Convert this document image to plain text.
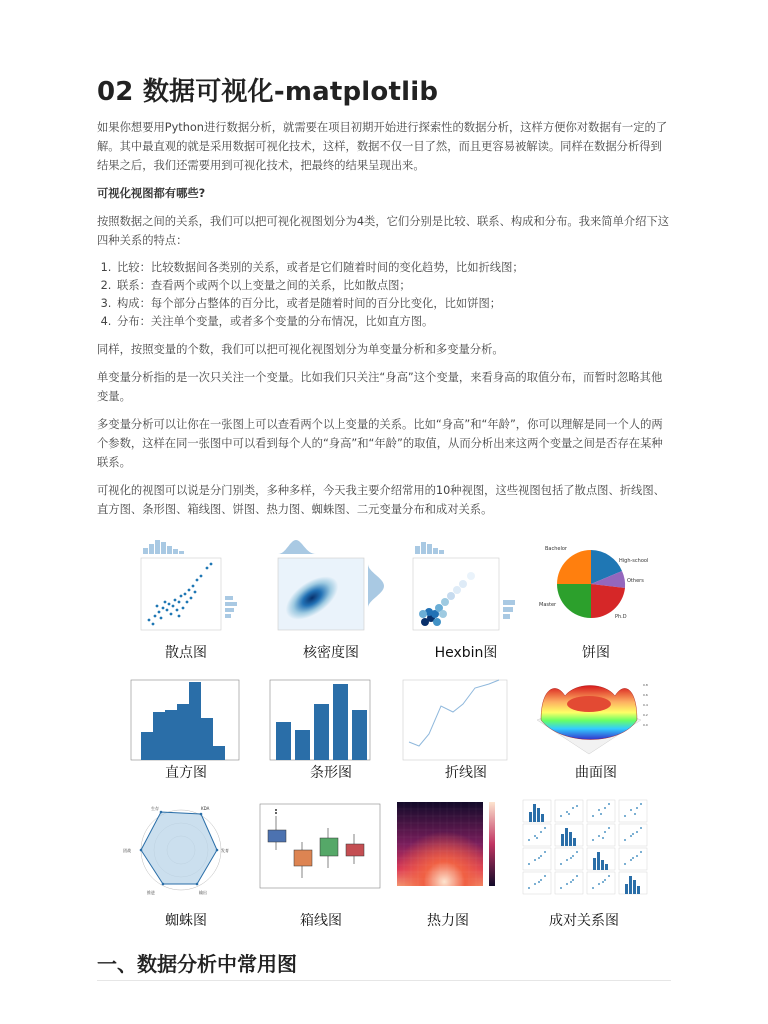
02 数据可视化-matplotlib

如果你想要用Python进行数据分析，就需要在项目初期开始进行探索性的数据分析，这样方便你对数据有一定的了解。其中最直观的就是采用数据可视化技术，这样，数据不仅一目了然，而且更容易被解读。同样在数据分析得到结果之后，我们还需要用到可视化技术，把最终的结果呈现出来。

可视化视图都有哪些?

按照数据之间的关系，我们可以把可视化视图划分为4类，它们分别是比较、联系、构成和分布。我来简单介绍下这四种关系的特点：

1. 比较：比较数据间各类别的关系，或者是它们随着时间的变化趋势，比如折线图；
2. 联系：查看两个或两个以上变量之间的关系，比如散点图；
3. 构成：每个部分占整体的百分比，或者是随着时间的百分比变化，比如饼图；
4. 分布：关注单个变量，或者多个变量的分布情况，比如直方图。

同样，按照变量的个数，我们可以把可视化视图划分为单变量分析和多变量分析。

单变量分析指的是一次只关注一个变量。比如我们只关注“身高”这个变量，来看身高的取值分布，而暂时忽略其他变量。

多变量分析可以让你在一张图上可以查看两个以上变量的关系。比如“身高”和“年龄”，你可以理解是同一个人的两个参数，这样在同一张图中可以看到每个人的“身高”和“年龄”的取值，从而分析出来这两个变量之间是否存在某种联系。

可视化的视图可以说是分门别类，多种多样，今天我主要介绍常用的10种视图，这些视图包括了散点图、折线图、直方图、条形图、箱线图、饼图、热力图、蜘蛛图、二元变量分布和成对关系。

散点图	核密度图	Hexbin图
Bachelor
High-school
Others
Ph.D
Master
饼图
直方图	条形图	折线图
0.8
0.6
0.4
0.2
0.0
曲面图
生存	KDA
团战	发育
推进	输出
蜘蛛图	箱线图	热力图	成对关系图
一、数据分析中常用图
